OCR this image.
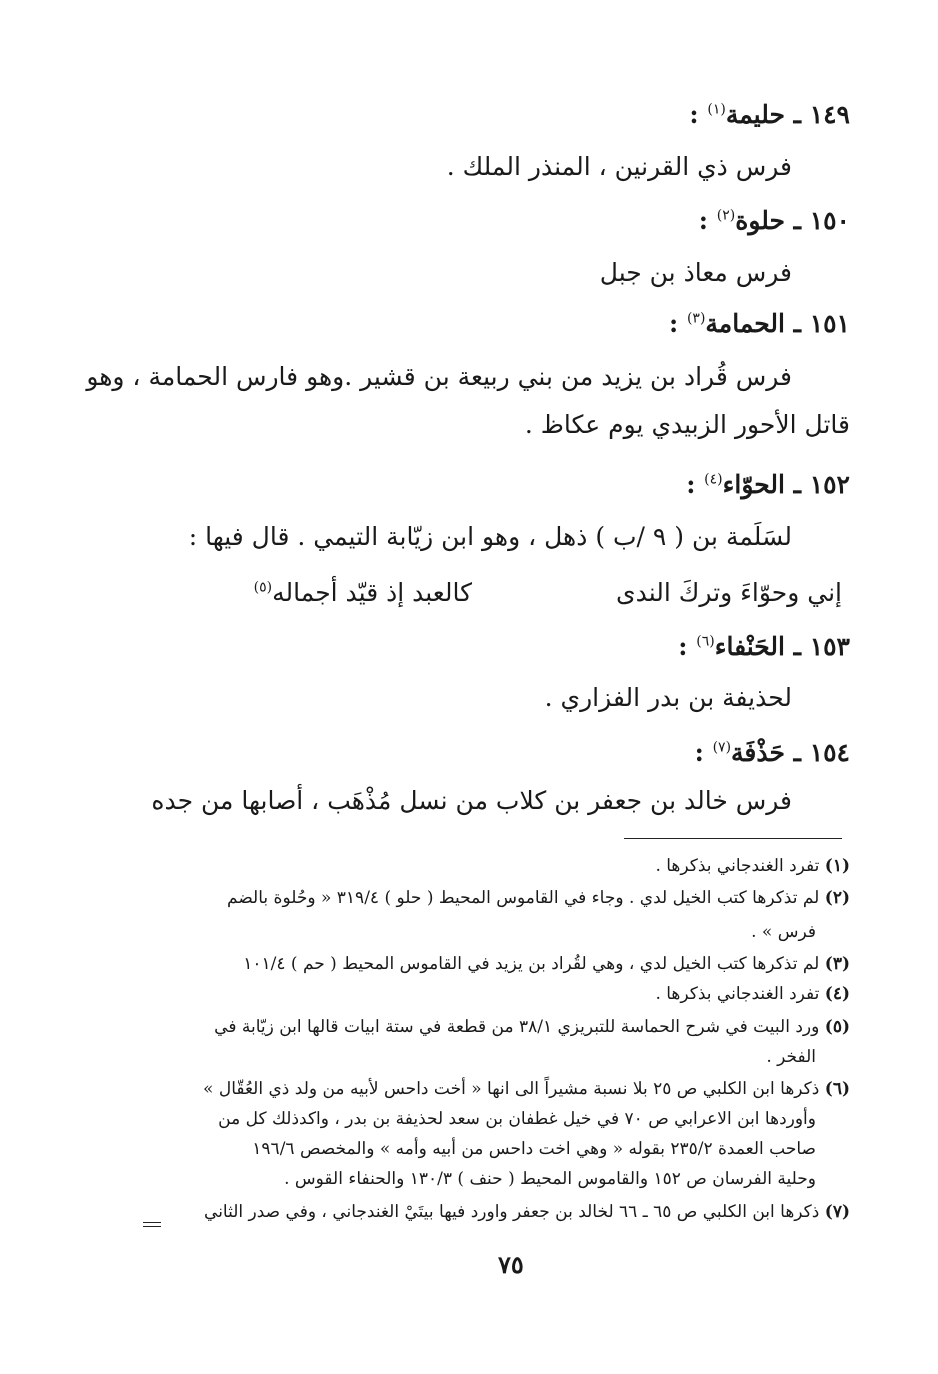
١٤٩ ـ حليمة$^{(١)}$ :
فرس ذي القرنين ، المنذر الملك .
١٥٠ ـ حلوة$^{(٢)}$ :
فرس معاذ بن جبل
١٥١ ـ الحمامة$^{(٣)}$ :
فرس قُراد بن يزيد من بني ربيعة بن قشير .وهو فارس الحمامة ، وهو
قاتل الأحور الزبيدي يوم عكاظ .
١٥٢ ـ الحوّاء$^{(٤)}$ :
لسَلَمة بن ( ٩ /ب ) ذهل ، وهو ابن زيّابة التيمي . قال فيها :
إني وحوّاءَ وتركَ الندى
كالعبد إذ قيّد أجماله$^{(٥)}$
١٥٣ ـ الحَنْفاء$^{(٦)}$ :
لحذيفة بن بدر الفزاري .
١٥٤ ـ حَذْفَة$^{(٧)}$ :
فرس خالد بن جعفر بن كلاب من نسل مُذْهَب ، أصابها من جده
(١) تفرد الغندجاني بذكرها .
(٢) لم تذكرها كتب الخيل لدي . وجاء في القاموس المحيط ( حلو ) ٣١٩/٤ « وحُلوة بالضم
فرس » .
(٣) لم تذكرها كتب الخيل لدي ، وهي لقُراد بن يزيد في القاموس المحيط ( حم ) ١٠١/٤
(٤) تفرد الغندجاني بذكرها .
(٥) ورد البيت في شرح الحماسة للتبريزي ٣٨/١ من قطعة في ستة ابيات قالها ابن زيّابة في
الفخر .
(٦) ذكرها ابن الكلبي ص ٢٥ بلا نسبة مشيراً الى انها « أخت داحس لأبيه من ولد ذي العُقّال »
وأوردها ابن الاعرابي ص ٧٠ في خيل غطفان بن سعد لحذيفة بن بدر ، واكدذلك كل من
صاحب العمدة ٢٣٥/٢ بقوله « وهي اخت داحس من أبيه وأمه » والمخصص ١٩٦/٦
وحلية الفرسان ص ١٥٢ والقاموس المحيط ( حنف ) ١٣٠/٣ والحنفاء القوس .
(٧) ذكرها ابن الكلبي ص ٦٥ ـ ٦٦ لخالد بن جعفر واورد فيها بيتَيْ الغندجاني ، وفي صدر الثاني
٧٥
